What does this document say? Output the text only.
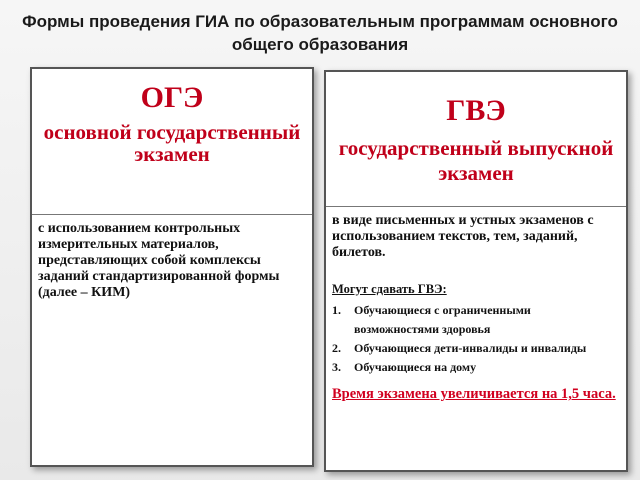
Формы проведения ГИА по образовательным программам основного общего образования
ОГЭ
основной государственный экзамен

с использованием контрольных измерительных материалов, представляющих собой комплексы заданий стандартизированной формы (далее – КИМ)

ГВЭ
государственный выпускной экзамен

в виде письменных и устных экзаменов с использованием текстов, тем, заданий, билетов.

Могут сдавать ГВЭ:
1.	Обучающиеся с ограниченными возможностями здоровья
2.	Обучающиеся дети-инвалиды и инвалиды
3.	Обучающиеся на дому
Время экзамена увеличивается на 1,5 часа.
